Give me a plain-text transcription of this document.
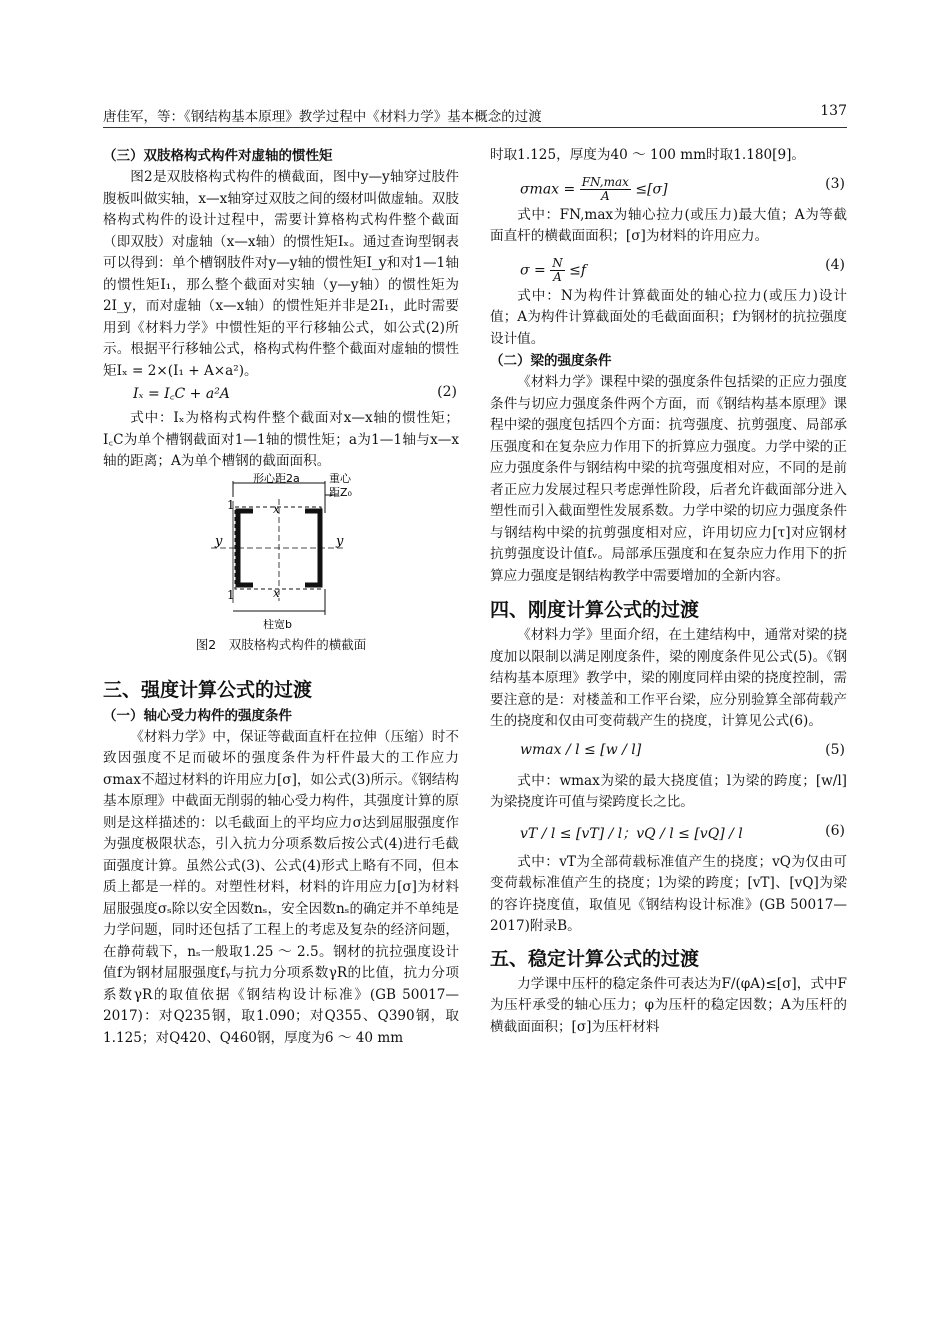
唐佳军，等：《钢结构基本原理》教学过程中《材料力学》基本概念的过渡	137
（三）双肢格构式构件对虚轴的惯性矩

图2是双肢格构式构件的横截面，图中y—y轴穿过肢件腹板叫做实轴，x—x轴穿过双肢之间的缀材叫做虚轴。双肢格构式构件的设计过程中，需要计算格构式构件整个截面（即双肢）对虚轴（x—x轴）的惯性矩Iₓ。通过查询型钢表可以得到：单个槽钢肢件对y—y轴的惯性矩I_y和对1—1轴的惯性矩I₁，那么整个截面对实轴（y—y轴）的惯性矩为2I_y，而对虚轴（x—x轴）的惯性矩并非是2I₁，此时需要用到《材料力学》中惯性矩的平行移轴公式，如公式(2)所示。根据平行移轴公式，格构式构件整个截面对虚轴的惯性矩Iₓ = 2×(I₁ + A×a²)。

Iₓ = I꜀C + a²A	(2)

式中：Iₓ为格构式构件整个截面对x—x轴的惯性矩；I꜀C为单个槽钢截面对1—1轴的惯性矩；a为1—1轴与x—x轴的距离；A为单个槽钢的截面面积。

形心距2a	重心
距Z₀
x
x
y	y
1
1
柱宽b
图2　双肢格构式构件的横截面
三、强度计算公式的过渡
（一）轴心受力构件的强度条件

《材料力学》中，保证等截面直杆在拉伸（压缩）时不致因强度不足而破坏的强度条件为杆件最大的工作应力σmax不超过材料的许用应力[σ]，如公式(3)所示。《钢结构基本原理》中截面无削弱的轴心受力构件，其强度计算的原则是这样描述的：以毛截面上的平均应力σ达到屈服强度作为强度极限状态，引入抗力分项系数后按公式(4)进行毛截面强度计算。虽然公式(3)、公式(4)形式上略有不同，但本质上都是一样的。对塑性材料，材料的许用应力[σ]为材料屈服强度σₛ除以安全因数nₛ，安全因数nₛ的确定并不单纯是力学问题，同时还包括了工程上的考虑及复杂的经济问题，在静荷载下，nₛ一般取1.25 ～ 2.5。钢材的抗拉强度设计值f为钢材屈服强度fᵧ与抗力分项系数γR的比值，抗力分项系数γR的取值依据《钢结构设计标准》(GB 50017—2017)：对Q235钢，取1.090；对Q355、Q390钢，取1.125；对Q420、Q460钢，厚度为6 ～ 40 mm

时取1.125，厚度为40 ～ 100 mm时取1.180[9]。

$\sigma\max = \frac{FN,\max}{A} \le[\sigma]$	(3)

式中：FN,max为轴心拉力(或压力)最大值；A为等截面直杆的横截面面积；[σ]为材料的许用应力。

$\sigma = \frac{N}{A} \le f$	(4)

式中：N为构件计算截面处的轴心拉力(或压力)设计值；A为构件计算截面处的毛截面面积；f为钢材的抗拉强度设计值。

（二）梁的强度条件

《材料力学》课程中梁的强度条件包括梁的正应力强度条件与切应力强度条件两个方面，而《钢结构基本原理》课程中梁的强度包括四个方面：抗弯强度、抗剪强度、局部承压强度和在复杂应力作用下的折算应力强度。力学中梁的正应力强度条件与钢结构中梁的抗弯强度相对应，不同的是前者正应力发展过程只考虑弹性阶段，后者允许截面部分进入塑性而引入截面塑性发展系数。力学中梁的切应力强度条件与钢结构中梁的抗剪强度相对应，许用切应力[τ]对应钢材抗剪强度设计值fᵥ。局部承压强度和在复杂应力作用下的折算应力强度是钢结构教学中需要增加的全新内容。

四、刚度计算公式的过渡

《材料力学》里面介绍，在土建结构中，通常对梁的挠度加以限制以满足刚度条件，梁的刚度条件见公式(5)。《钢结构基本原理》教学中，梁的刚度同样由梁的挠度控制，需要注意的是：对楼盖和工作平台梁，应分别验算全部荷载产生的挠度和仅由可变荷载产生的挠度，计算见公式(6)。

wmax / l ≤ [w / l]	(5)

式中：wmax为梁的最大挠度值；l为梁的跨度；[w/l]为梁挠度许可值与梁跨度长之比。

vT / l ≤ [vT] / l；vQ / l ≤ [vQ] / l	(6)

式中：vT为全部荷载标准值产生的挠度；vQ为仅由可变荷载标准值产生的挠度；l为梁的跨度；[vT]、[vQ]为梁的容许挠度值，取值见《钢结构设计标准》(GB 50017—2017)附录B。

五、稳定计算公式的过渡

力学课中压杆的稳定条件可表达为F/(φA)≤[σ]，式中F为压杆承受的轴心压力；φ为压杆的稳定因数；A为压杆的横截面面积；[σ]为压杆材料
